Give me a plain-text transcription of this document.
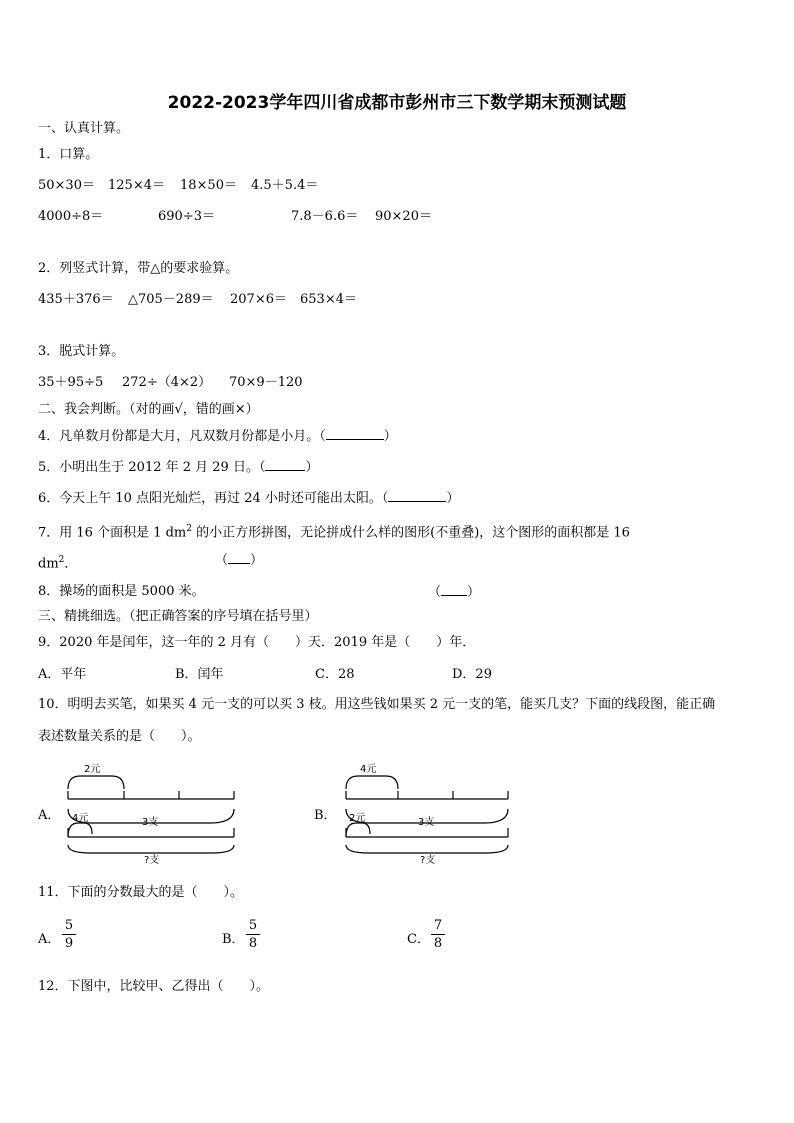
2022-2023学年四川省成都市彭州市三下数学期末预测试题
一、认真计算。
1．口算。
50×30＝ 125×4＝ 18×50＝ 4.5＋5.4＝
4000÷8＝	690÷3＝	7.8－6.6＝ 90×20＝
2．列竖式计算，带△的要求验算。
435＋376＝ △705－289＝ 207×6＝ 653×4＝
3．脱式计算。
35＋95÷5 272÷（4×2） 70×9－120
二、我会判断。（对的画√，错的画×）
4．凡单数月份都是大月，凡双数月份都是小月。（	）
5．小明出生于 2012 年 2 月 29 日。（	）
6．今天上午 10 点阳光灿烂，再过 24 小时还可能出太阳。（	）
7．用 16 个面积是 1 $dm^2$ 的小正方形拼图，无论拼成什么样的图形(不重叠)，这个图形的面积都是 16
$dm^2$．	（ ）
8．操场的面积是 5000 米。	（ ）
三、精挑细选。（把正确答案的序号填在括号里）
9．2020 年是闰年，这一年的 2 月有（　　）天．2019 年是（　　）年．
A．平年	B．闰年	C．28	D．29
10．明明去买笔，如果买 4 元一支的可以买 3 枝。用这些钱如果买 2 元一支的笔，能买几支？下面的线段图，能正确
表述数量关系的是（　　）。
A．
2元
4元	3支
?支
B．
4元
2元	3支
?支
11．下面的分数最大的是（　　）。
A．
5
9	B．
5
8	C．
7
8
12．下图中，比较甲、乙得出（　　）。
